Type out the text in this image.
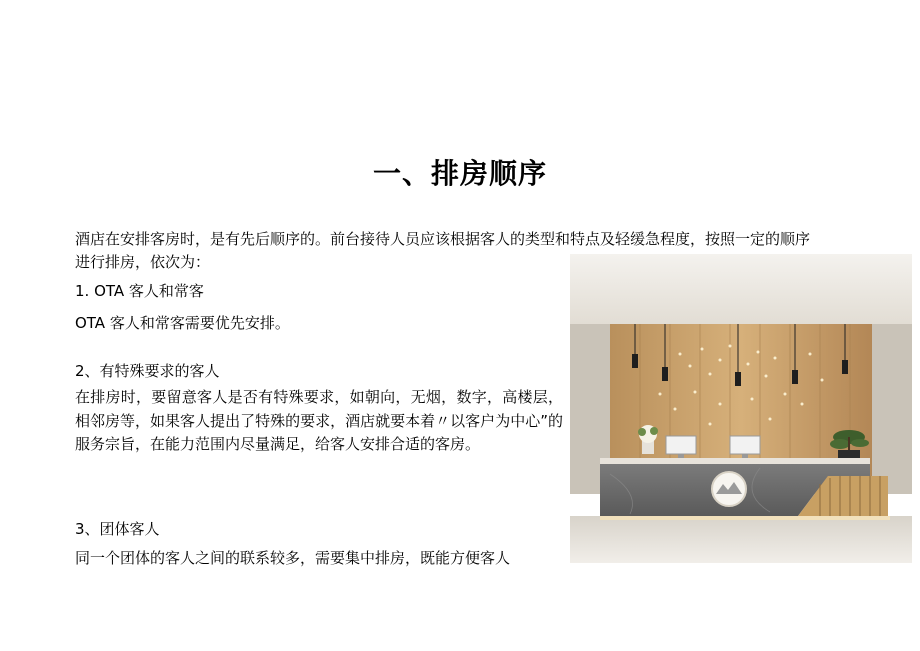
一、排房顺序

酒店在安排客房时，是有先后顺序的。前台接待人员应该根据客人的类型和特点及轻缓急程度，按照一定的顺序进行排房，依次为：

1. OTA 客人和常客

OTA 客人和常客需要优先安排。

2、有特殊要求的客人

在排房时，要留意客人是否有特殊要求，如朝向，无烟，数字，高楼层，相邻房等，如果客人提出了特殊的要求，酒店就要本着〃以客户为中心”的服务宗旨，在能力范围内尽量满足，给客人安排合适的客房。

3、团体客人

同一个团体的客人之间的联系较多，需要集中排房，既能方便客人
